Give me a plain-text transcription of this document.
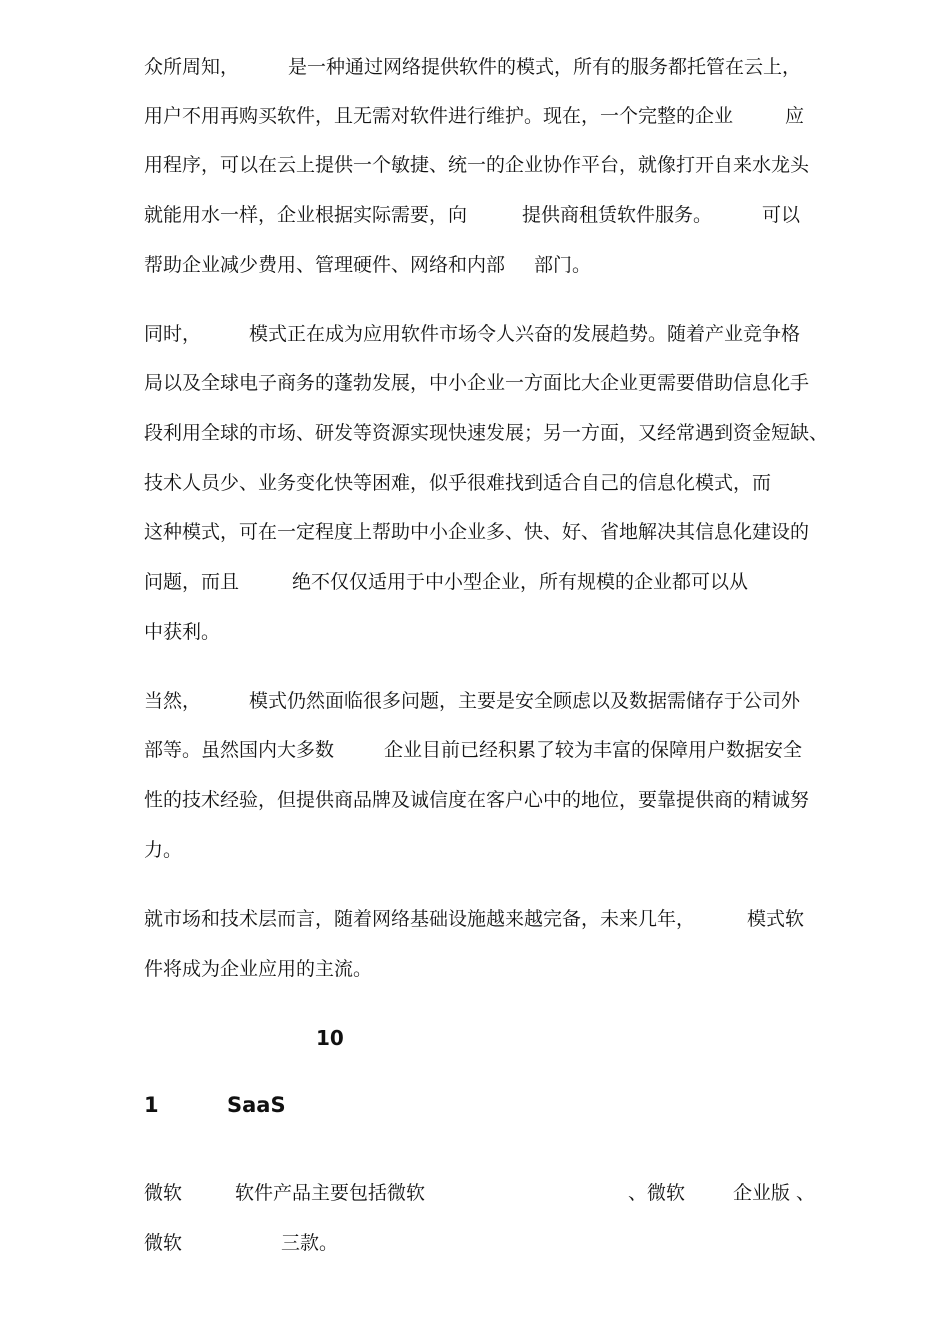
众所周知，	是一种通过网络提供软件的模式，所有的服务都托管在云上，
用户不用再购买软件，且无需对软件进行维护。现在，一个完整的企业	应
用程序，可以在云上提供一个敏捷、统一的企业协作平台，就像打开自来水龙头
就能用水一样，企业根据实际需要，向	提供商租赁软件服务。	可以
帮助企业减少费用、管理硬件、网络和内部 部门。
同时，	模式正在成为应用软件市场令人兴奋的发展趋势。随着产业竞争格
局以及全球电子商务的蓬勃发展，中小企业一方面比大企业更需要借助信息化手
段利用全球的市场、研发等资源实现快速发展；另一方面，又经常遇到资金短缺、
技术人员少、业务变化快等困难，似乎很难找到适合自己的信息化模式，而
这种模式，可在一定程度上帮助中小企业多、快、好、省地解决其信息化建设的
问题，而且	绝不仅仅适用于中小型企业，所有规模的企业都可以从
中获利。
当然，	模式仍然面临很多问题，主要是安全顾虑以及数据需储存于公司外
部等。虽然国内大多数	企业目前已经积累了较为丰富的保障用户数据安全
性的技术经验，但提供商品牌及诚信度在客户心中的地位，要靠提供商的精诚努
力。
就市场和技术层而言，随着网络基础设施越来越完备，未来几年，	模式软
件将成为企业应用的主流。
10
1	SaaS
微软	软件产品主要包括微软	、微软	企业版 、
微软	三款。
